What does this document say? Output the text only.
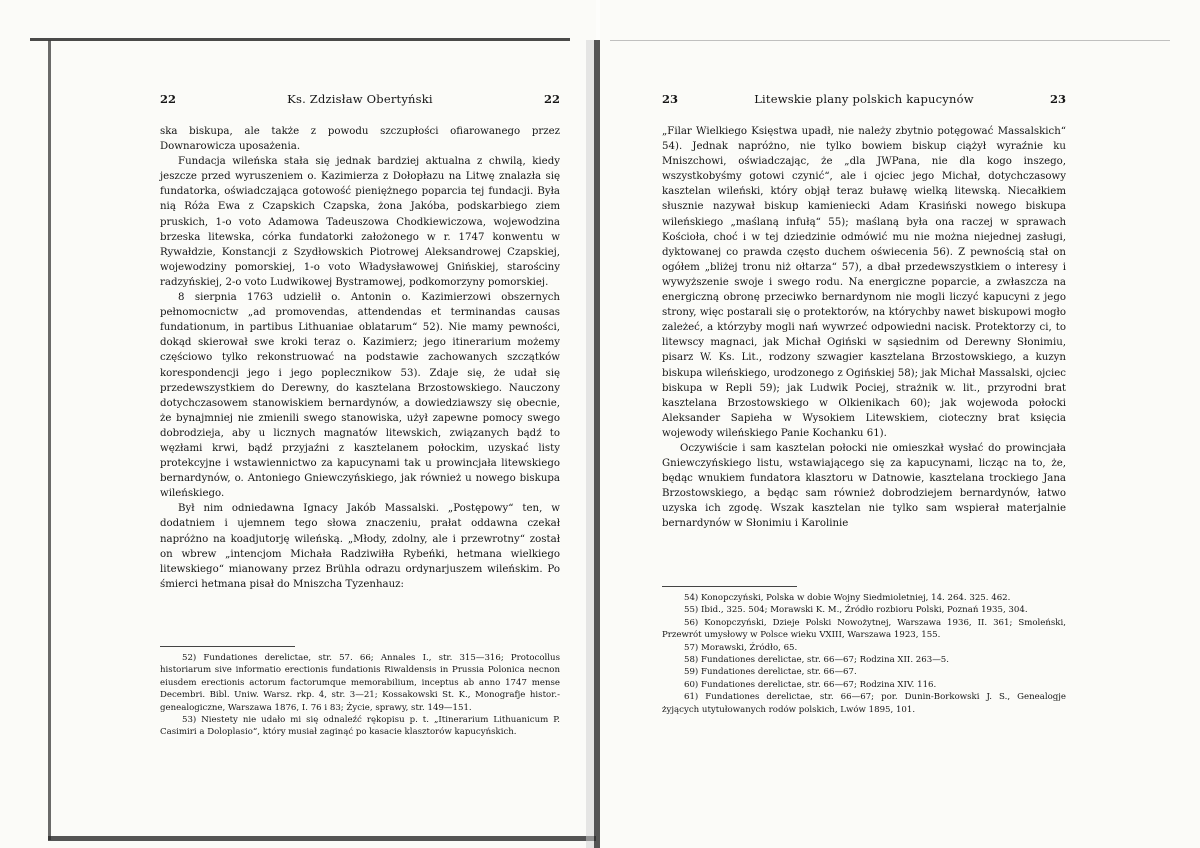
22	Ks. Zdzisław Obertyński	22

ska biskupa, ale także z powodu szczupłości ofiarowanego przez Downarowicza uposażenia.

Fundacja wileńska stała się jednak bardziej aktualna z chwilą, kiedy jeszcze przed wyruszeniem o. Kazimierza z Dołopłazu na Litwę znalazła się fundatorka, oświadczająca gotowość pieniężnego poparcia tej fundacji. Była nią Róża Ewa z Czapskich Czapska, żona Jakóba, podskarbiego ziem pruskich, 1-o voto Adamowa Tadeuszowa Chodkiewiczowa, wojewodzina brzeska litewska, córka fundatorki założonego w r. 1747 konwentu w Rywałdzie, Konstancji z Szydłowskich Piotrowej Aleksandrowej Czapskiej, wojewodziny pomorskiej, 1-o voto Władysławowej Gnińskiej, starościny radzyńskiej, 2-o voto Ludwikowej Bystramowej, podkomorzyny pomorskiej.

8 sierpnia 1763 udzielił o. Antonin o. Kazimierzowi obszernych pełnomocnictw „ad promovendas, attendendas et terminandas causas fundationum, in partibus Lithuaniae oblatarum“ 52). Nie mamy pewności, dokąd skierował swe kroki teraz o. Kazimierz; jego itinerarium możemy częściowo tylko rekonstruować na podstawie zachowanych szczątków korespondencji jego i jego poplecznikow 53). Zdaje się, że udał się przedewszystkiem do Derewny, do kasztelana Brzostowskiego. Nauczony dotychczasowem stanowiskiem bernardynów, a dowiedziawszy się obecnie, że bynajmniej nie zmienili swego stanowiska, użył zapewne pomocy swego dobrodzieja, aby u licznych magnatów litewskich, związanych bądź to węzłami krwi, bądź przyjaźni z kasztelanem połockim, uzyskać listy protekcyjne i wstawiennictwo za kapucynami tak u prowincjała litewskiego bernardynów, o. Antoniego Gniewczyńskiego, jak również u nowego biskupa wileńskiego.

Był nim odniedawna Ignacy Jakób Massalski. „Postępowy“ ten, w dodatniem i ujemnem tego słowa znaczeniu, prałat oddawna czekał napróżno na koadjutorję wileńską. „Młody, zdolny, ale i przewrotny“ został on wbrew „intencjom Michała Radziwiłła Rybeńki, hetmana wielkiego litewskiego“ mianowany przez Brühla odrazu ordynarjuszem wileńskim. Po śmierci hetmana pisał do Mniszcha Tyzenhauz:

52) Fundationes derelictae, str. 57. 66; Annales I., str. 315—316; Protocollus historiarum sive informatio erectionis fundationis Riwaldensis in Prussia Polonica necnon eiusdem erectionis actorum factorumque memorabilium, inceptus ab anno 1747 mense Decembri. Bibl. Uniw. Warsz. rkp. 4, str. 3—21; Kossakowski St. K., Monografje histor.-genealogiczne, Warszawa 1876, I. 76 i 83; Życie, sprawy, str. 149—151.

53) Niestety nie udało mi się odnaleźć rękopisu p. t. „Itinerarium Lithuanicum P. Casimiri a Doloplasio“, który musiał zaginąć po kasacie klasztorów kapucyńskich.

23	Litewskie plany polskich kapucynów	23

„Filar Wielkiego Księstwa upadł, nie należy zbytnio potęgować Massalskich“ 54). Jednak napróżno, nie tylko bowiem biskup ciążył wyraźnie ku Mniszchowi, oświadczając, że „dla JWPana, nie dla kogo inszego, wszystkobyśmy gotowi czynić“, ale i ojciec jego Michał, dotychczasowy kasztelan wileński, który objął teraz buławę wielką litewską. Niecałkiem słusznie nazywał biskup kamieniecki Adam Krasiński nowego biskupa wileńskiego „maślaną infułą“ 55); maślaną była ona raczej w sprawach Kościoła, choć i w tej dziedzinie odmówić mu nie można niejednej zasługi, dyktowanej co prawda często duchem oświecenia 56). Z pewnością stał on ogółem „bliżej tronu niż ołtarza“ 57), a dbał przedewszystkiem o interesy i wywyższenie swoje i swego rodu. Na energiczne poparcie, a zwłaszcza na energiczną obronę przeciwko bernardynom nie mogli liczyć kapucyni z jego strony, więc postarali się o protektorów, na którychby nawet biskupowi mogło zależeć, a którzyby mogli nań wywrzeć odpowiedni nacisk. Protektorzy ci, to litewscy magnaci, jak Michał Ogiński w sąsiednim od Derewny Słonimiu, pisarz W. Ks. Lit., rodzony szwagier kasztelana Brzostowskiego, a kuzyn biskupa wileńskiego, urodzonego z Ogińskiej 58); jak Michał Massalski, ojciec biskupa w Repli 59); jak Ludwik Pociej, strażnik w. lit., przyrodni brat kasztelana Brzostowskiego w Olkienikach 60); jak wojewoda połocki Aleksander Sapieha w Wysokiem Litewskiem, cioteczny brat księcia wojewody wileńskiego Panie Kochanku 61).

Oczywiście i sam kasztelan połocki nie omieszkał wysłać do prowincjała Gniewczyńskiego listu, wstawiającego się za kapucynami, licząc na to, że, będąc wnukiem fundatora klasztoru w Datnowie, kasztelana trockiego Jana Brzostowskiego, a będąc sam również dobrodziejem bernardynów, łatwo uzyska ich zgodę. Wszak kasztelan nie tylko sam wspierał materjalnie bernardynów w Słonimiu i Karolinie

54) Konopczyński, Polska w dobie Wojny Siedmioletniej, 14. 264. 325. 462.

55) Ibid., 325. 504; Morawski K. M., Źródło rozbioru Polski, Poznań 1935, 304.

56) Konopczyński, Dzieje Polski Nowożytnej, Warszawa 1936, II. 361; Smoleński, Przewrót umysłowy w Polsce wieku VXIII, Warszawa 1923, 155.

57) Morawski, Źródło, 65.

58) Fundationes derelictae, str. 66—67; Rodzina XII. 263—5.

59) Fundationes derelictae, str. 66—67.

60) Fundationes derelictae, str. 66—67; Rodzina XIV. 116.

61) Fundationes derelictae, str. 66—67; por. Dunin-Borkowski J. S., Genealogje żyjących utytułowanych rodów polskich, Lwów 1895, 101.
